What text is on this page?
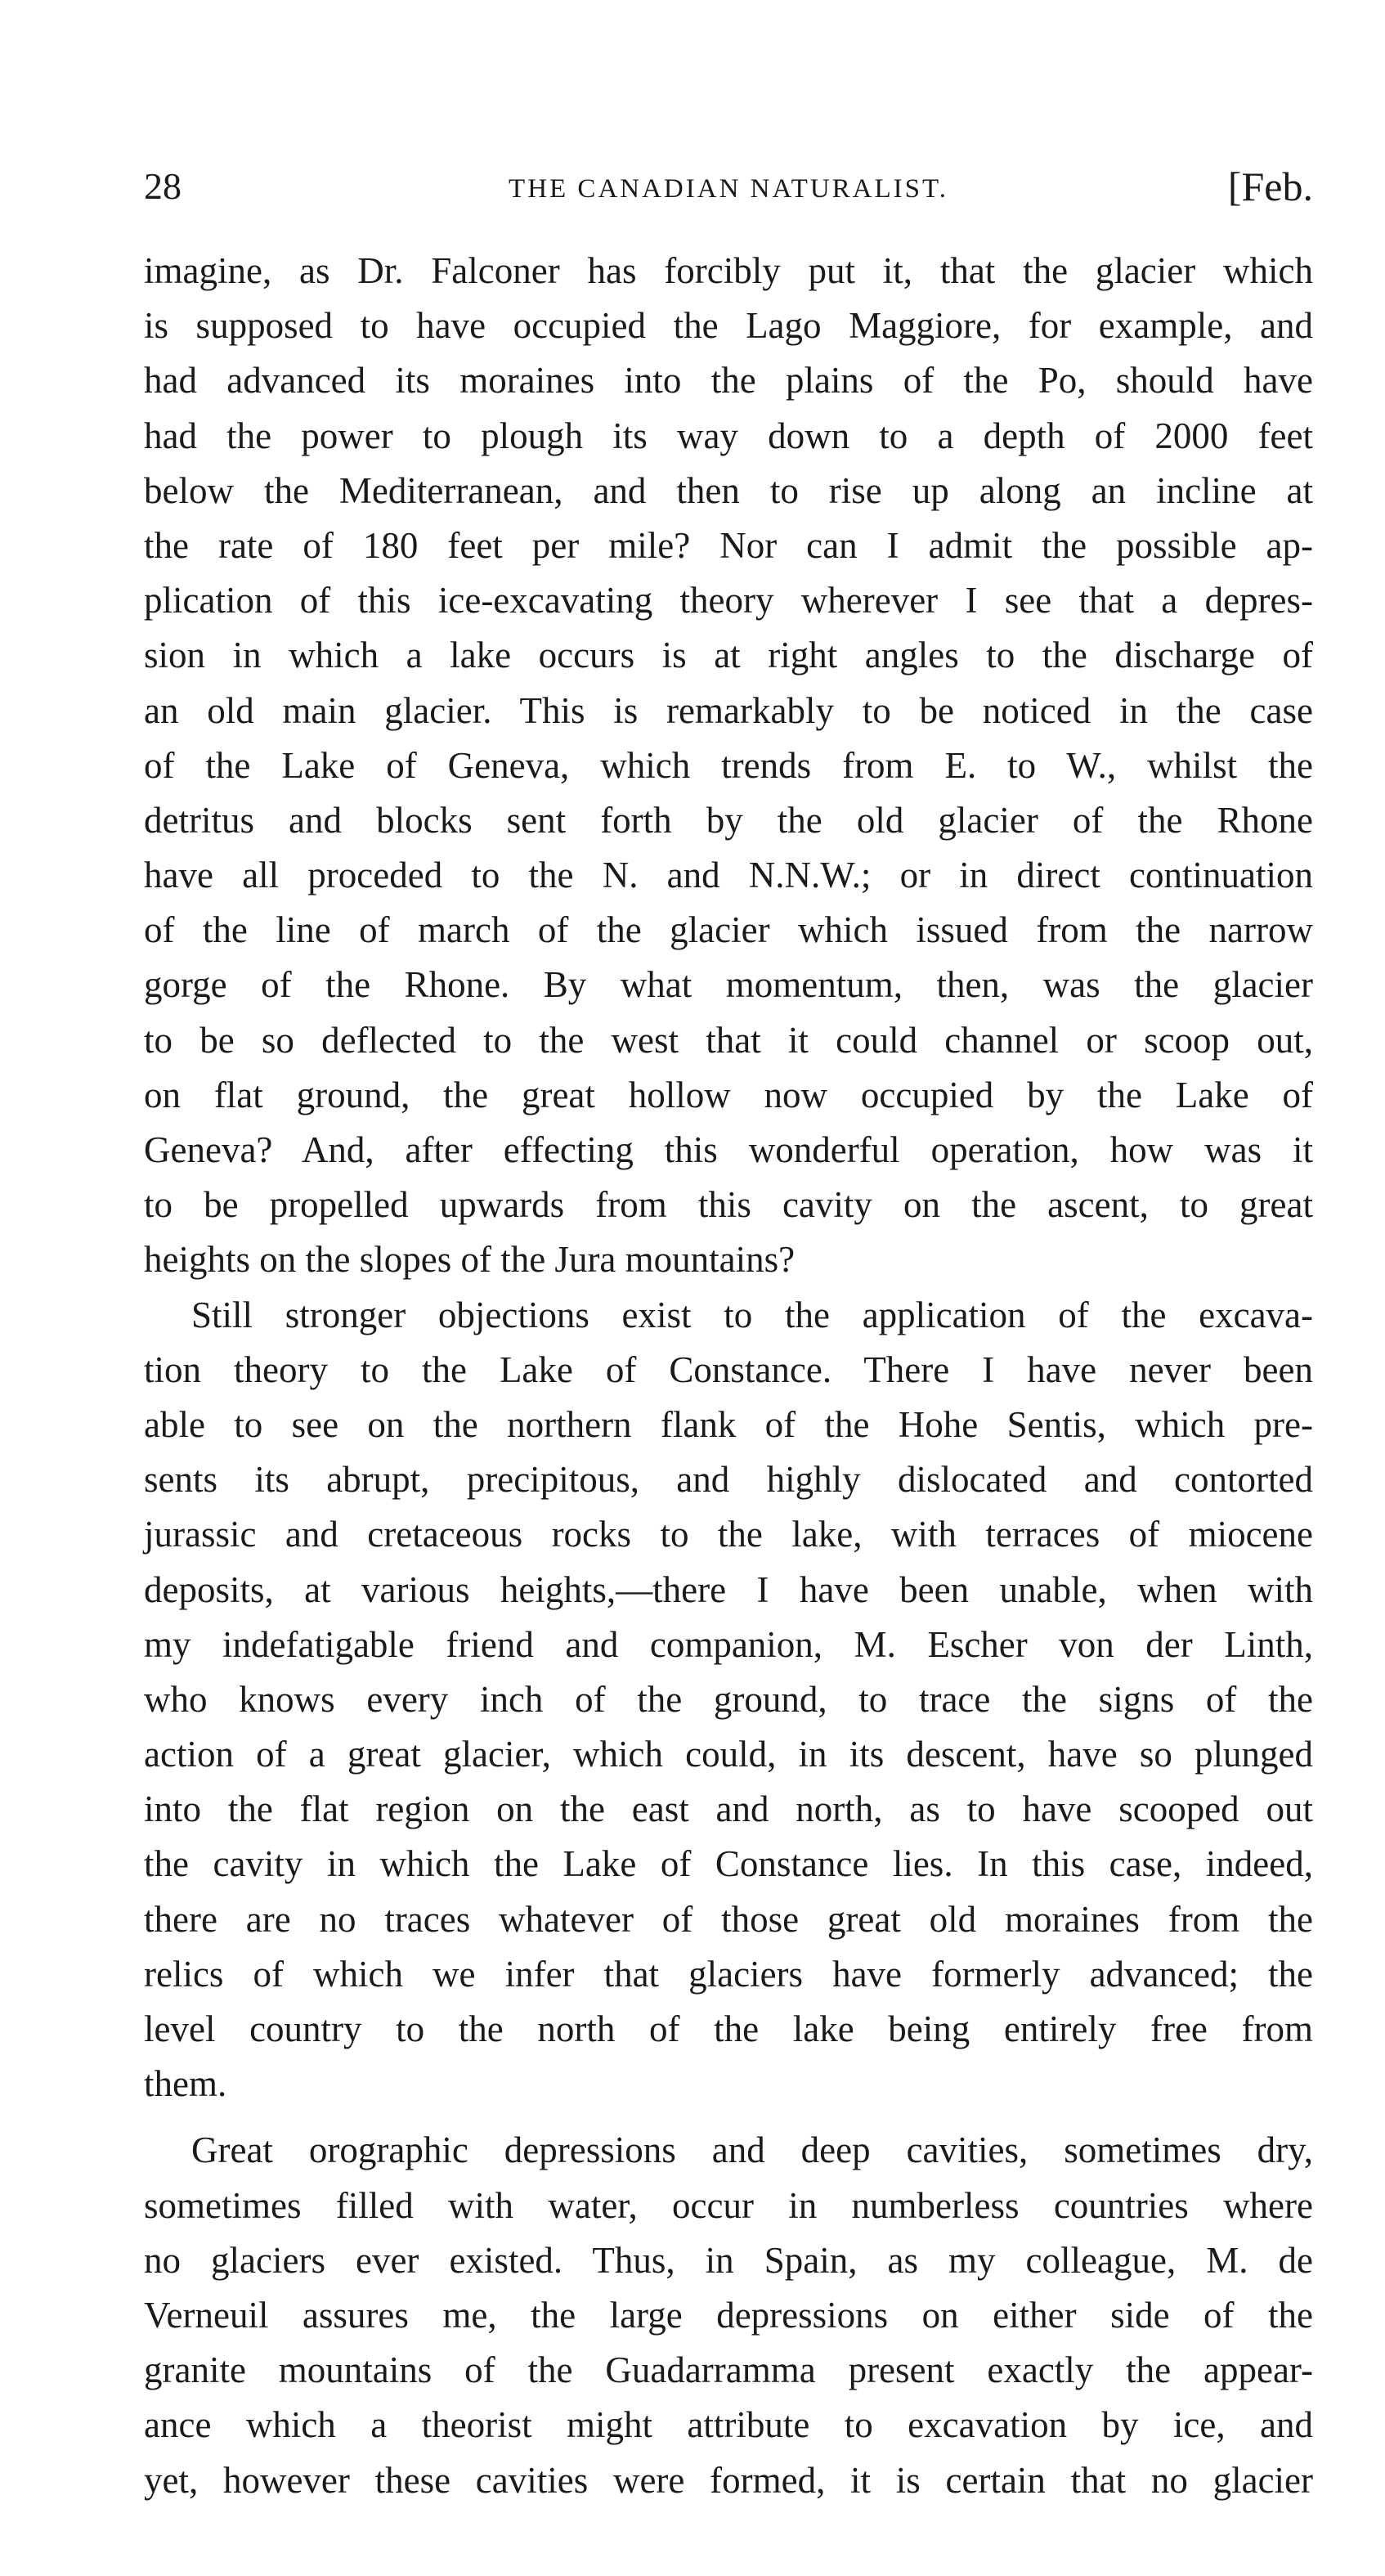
28	THE CANADIAN NATURALIST.	[Feb.
imagine, as Dr. Falconer has forcibly put it, that the glacier which
is supposed to have occupied the Lago Maggiore, for example, and
had advanced its moraines into the plains of the Po, should have
had the power to plough its way down to a depth of 2000 feet
below the Mediterranean, and then to rise up along an incline at
the rate of 180 feet per mile? Nor can I admit the possible ap-
plication of this ice-excavating theory wherever I see that a depres-
sion in which a lake occurs is at right angles to the discharge of
an old main glacier. This is remarkably to be noticed in the case
of the Lake of Geneva, which trends from E. to W., whilst the
detritus and blocks sent forth by the old glacier of the Rhone
have all proceded to the N. and N.N.W.; or in direct continuation
of the line of march of the glacier which issued from the narrow
gorge of the Rhone. By what momentum, then, was the glacier
to be so deflected to the west that it could channel or scoop out,
on flat ground, the great hollow now occupied by the Lake of
Geneva? And, after effecting this wonderful operation, how was it
to be propelled upwards from this cavity on the ascent, to great
heights on the slopes of the Jura mountains?
Still stronger objections exist to the application of the excava-
tion theory to the Lake of Constance. There I have never been
able to see on the northern flank of the Hohe Sentis, which pre-
sents its abrupt, precipitous, and highly dislocated and contorted
jurassic and cretaceous rocks to the lake, with terraces of miocene
deposits, at various heights,—there I have been unable, when with
my indefatigable friend and companion, M. Escher von der Linth,
who knows every inch of the ground, to trace the signs of the
action of a great glacier, which could, in its descent, have so plunged
into the flat region on the east and north, as to have scooped out
the cavity in which the Lake of Constance lies. In this case, indeed,
there are no traces whatever of those great old moraines from the
relics of which we infer that glaciers have formerly advanced; the
level country to the north of the lake being entirely free from
them.
Great orographic depressions and deep cavities, sometimes dry,
sometimes filled with water, occur in numberless countries where
no glaciers ever existed. Thus, in Spain, as my colleague, M. de
Verneuil assures me, the large depressions on either side of the
granite mountains of the Guadarramma present exactly the appear-
ance which a theorist might attribute to excavation by ice, and
yet, however these cavities were formed, it is certain that no glacier
